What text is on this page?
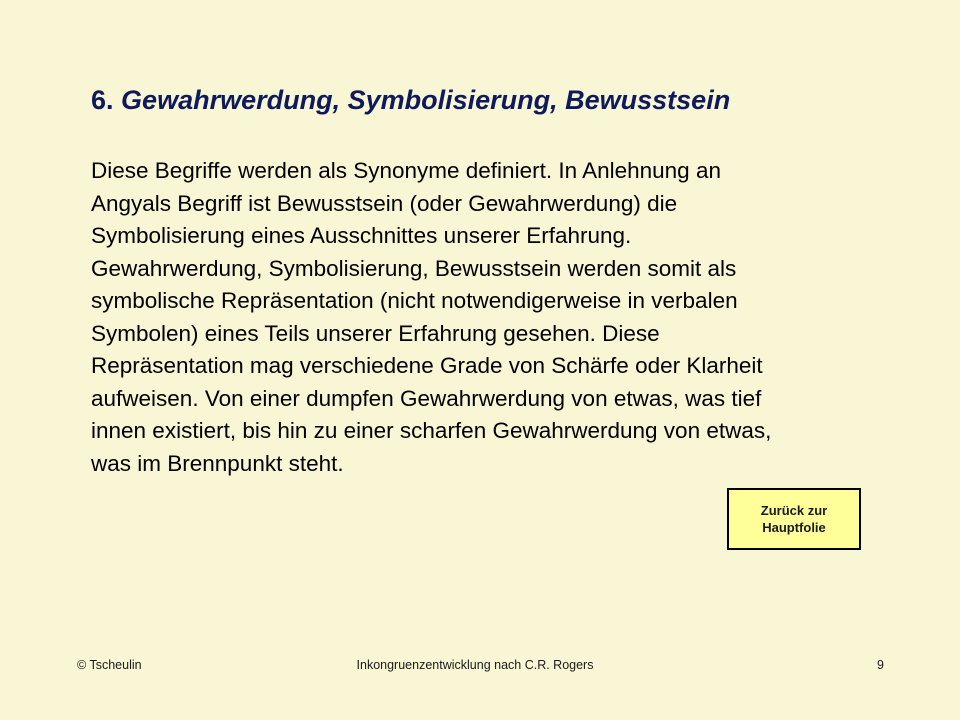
6. Gewahrwerdung, Symbolisierung, Bewusstsein
Diese Begriffe werden als Synonyme definiert. In Anlehnung an
Angyals Begriff ist Bewusstsein (oder Gewahrwerdung) die
Symbolisierung eines Ausschnittes unserer Erfahrung.
Gewahrwerdung, Symbolisierung, Bewusstsein werden somit als
symbolische Repräsentation (nicht notwendigerweise in verbalen
Symbolen) eines Teils unserer Erfahrung gesehen. Diese
Repräsentation mag verschiedene Grade von Schärfe oder Klarheit
aufweisen. Von einer dumpfen Gewahrwerdung von etwas, was tief
innen existiert, bis hin zu einer scharfen Gewahrwerdung von etwas,
was im Brennpunkt steht.
Zurück zur
Hauptfolie
© Tscheulin	Inkongruenzentwicklung nach C.R. Rogers	9
